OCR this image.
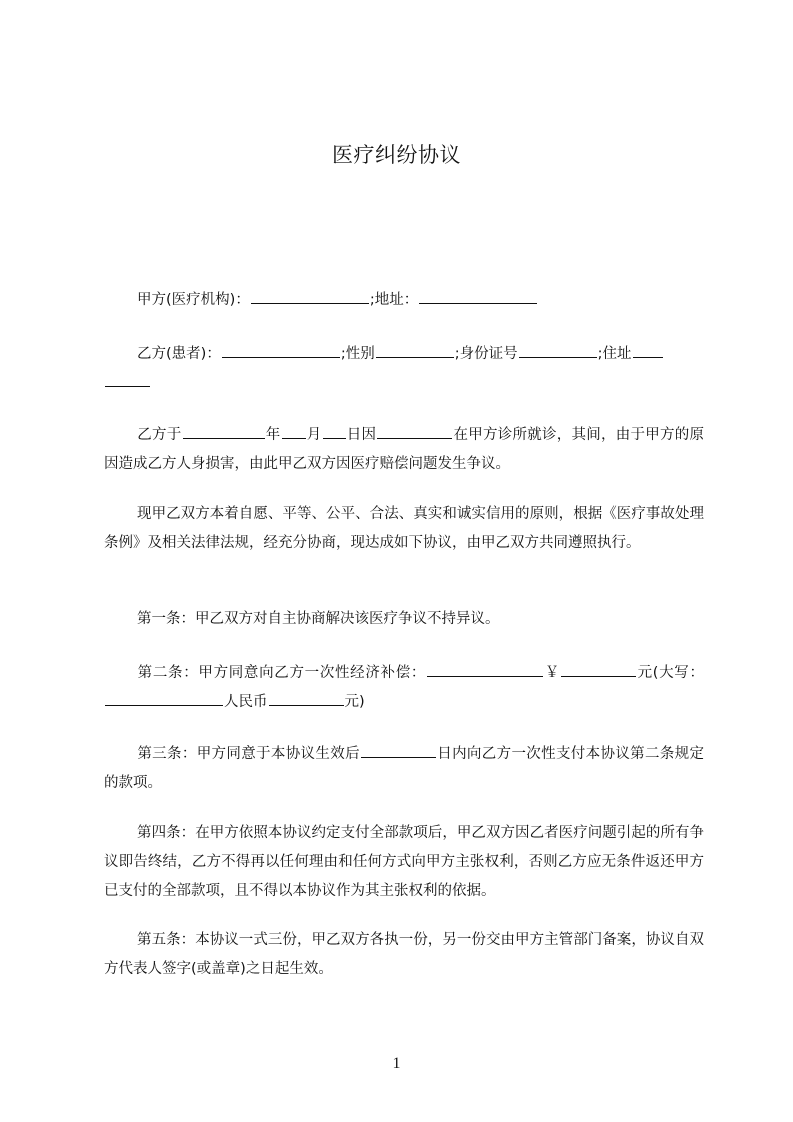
医疗纠纷协议
甲方(医疗机构)：	;地址：
乙方(患者)：	;性别	;身份证号	;住址

乙方于	年 月 日因	在甲方诊所就诊，其间，由于甲方的原因造成乙方人身损害，由此甲乙双方因医疗赔偿问题发生争议。
现甲乙双方本着自愿、平等、公平、合法、真实和诚实信用的原则，根据《医疗事故处理条例》及相关法律法规，经充分协商，现达成如下协议，由甲乙双方共同遵照执行。
第一条：甲乙双方对自主协商解决该医疗争议不持异议。
第二条：甲方同意向乙方一次性经济补偿：	￥	元(大写：人民币	元)
第三条：甲方同意于本协议生效后	日内向乙方一次性支付本协议第二条规定的款项。
第四条：在甲方依照本协议约定支付全部款项后，甲乙双方因乙者医疗问题引起的所有争议即告终结，乙方不得再以任何理由和任何方式向甲方主张权利，否则乙方应无条件返还甲方已支付的全部款项，且不得以本协议作为其主张权利的依据。
第五条：本协议一式三份，甲乙双方各执一份，另一份交由甲方主管部门备案，协议自双方代表人签字(或盖章)之日起生效。
1
